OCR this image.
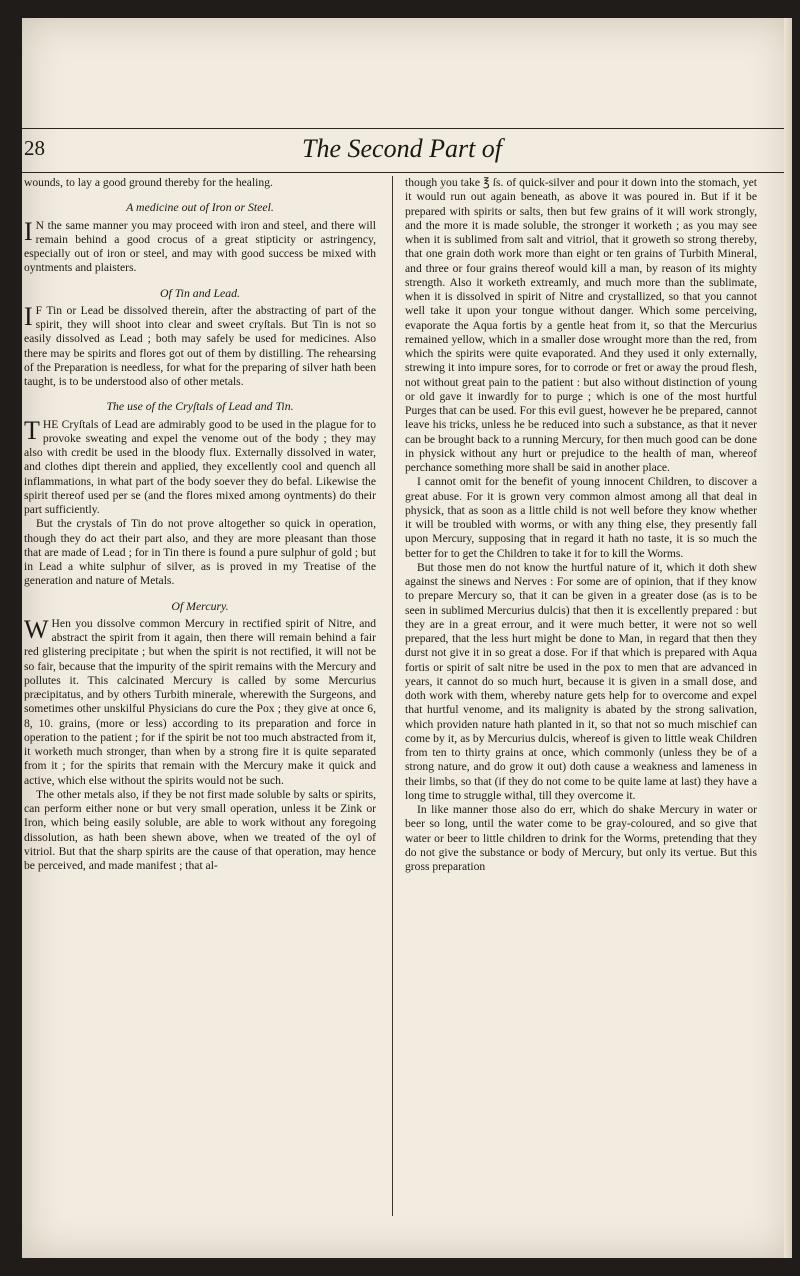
28	The Second Part of

wounds, to lay a good ground thereby for the healing.

A medicine out of Iron or Steel.

IN the same manner you may proceed with iron and steel, and there will remain behind a good crocus of a great stipticity or astringency, especially out of iron or steel, and may with good success be mixed with oyntments and plaisters.

Of Tin and Lead.

IF Tin or Lead be dissolved therein, after the abstracting of part of the spirit, they will shoot into clear and sweet cryſtals. But Tin is not so easily dissolved as Lead ; both may safely be used for medicines. Also there may be spirits and flores got out of them by distilling. The rehearsing of the Preparation is needless, for what for the preparing of silver hath been taught, is to be understood also of other metals.

The use of the Cryſtals of Lead and Tin.

THE Cryſtals of Lead are admirably good to be used in the plague for to provoke sweating and expel the venome out of the body ; they may also with credit be used in the bloody flux. Externally dissolved in water, and clothes dipt therein and applied, they excellently cool and quench all inflammations, in what part of the body soever they do befal. Likewise the spirit thereof used per se (and the flores mixed among oyntments) do their part sufficiently.

But the crystals of Tin do not prove altogether so quick in operation, though they do act their part also, and they are more pleasant than those that are made of Lead ; for in Tin there is found a pure sulphur of gold ; but in Lead a white sulphur of silver, as is proved in my Treatise of the generation and nature of Metals.

Of Mercury.

WHen you dissolve common Mercury in rectified spirit of Nitre, and abstract the spirit from it again, then there will remain behind a fair red glistering precipitate ; but when the spirit is not rectified, it will not be so fair, because that the impurity of the spirit remains with the Mercury and pollutes it. This calcinated Mercury is called by some Mercurius præcipitatus, and by others Turbith minerale, wherewith the Surgeons, and sometimes other unskilful Physicians do cure the Pox ; they give at once 6, 8, 10. grains, (more or less) according to its preparation and force in operation to the patient ; for if the spirit be not too much abstracted from it, it worketh much stronger, than when by a strong fire it is quite separated from it ; for the spirits that remain with the Mercury make it quick and active, which else without the spirits would not be such.

The other metals also, if they be not first made soluble by salts or spirits, can perform either none or but very small operation, unless it be Zink or Iron, which being easily soluble, are able to work without any foregoing dissolution, as hath been shewn above, when we treated of the oyl of vitriol. But that the sharp spirits are the cause of that operation, may hence be perceived, and made manifest ; that al-

though you take ℥ ſs. of quick-silver and pour it down into the stomach, yet it would run out again beneath, as above it was poured in. But if it be prepared with spirits or salts, then but few grains of it will work strongly, and the more it is made soluble, the stronger it worketh ; as you may see when it is sublimed from salt and vitriol, that it groweth so strong thereby, that one grain doth work more than eight or ten grains of Turbith Mineral, and three or four grains thereof would kill a man, by reason of its mighty strength. Also it worketh extreamly, and much more than the sublimate, when it is dissolved in spirit of Nitre and crystallized, so that you cannot well take it upon your tongue without danger. Which some perceiving, evaporate the Aqua fortis by a gentle heat from it, so that the Mercurius remained yellow, which in a smaller dose wrought more than the red, from which the spirits were quite evaporated. And they used it only externally, strewing it into impure sores, for to corrode or fret or away the proud flesh, not without great pain to the patient : but also without distinction of young or old gave it inwardly for to purge ; which is one of the most hurtful Purges that can be used. For this evil guest, however he be prepared, cannot leave his tricks, unless he be reduced into such a substance, as that it never can be brought back to a running Mercury, for then much good can be done in physick without any hurt or prejudice to the health of man, whereof perchance something more shall be said in another place.

I cannot omit for the benefit of young innocent Children, to discover a great abuse. For it is grown very common almost among all that deal in physick, that as soon as a little child is not well before they know whether it will be troubled with worms, or with any thing else, they presently fall upon Mercury, supposing that in regard it hath no taste, it is so much the better for to get the Children to take it for to kill the Worms.

But those men do not know the hurtful nature of it, which it doth shew against the sinews and Nerves : For some are of opinion, that if they know to prepare Mercury so, that it can be given in a greater dose (as is to be seen in sublimed Mercurius dulcis) that then it is excellently prepared : but they are in a great errour, and it were much better, it were not so well prepared, that the less hurt might be done to Man, in regard that then they durst not give it in so great a dose. For if that which is prepared with Aqua fortis or spirit of salt nitre be used in the pox to men that are advanced in years, it cannot do so much hurt, because it is given in a small dose, and doth work with them, whereby nature gets help for to overcome and expel that hurtful venome, and its malignity is abated by the strong salivation, which providen nature hath planted in it, so that not so much mischief can come by it, as by Mercurius dulcis, whereof is given to little weak Children from ten to thirty grains at once, which commonly (unless they be of a strong nature, and do grow it out) doth cause a weakness and lameness in their limbs, so that (if they do not come to be quite lame at last) they have a long time to struggle withal, till they overcome it.

In like manner those also do err, which do shake Mercury in water or beer so long, until the water come to be gray-coloured, and so give that water or beer to little children to drink for the Worms, pretending that they do not give the substance or body of Mercury, but only its vertue. But this gross preparation
